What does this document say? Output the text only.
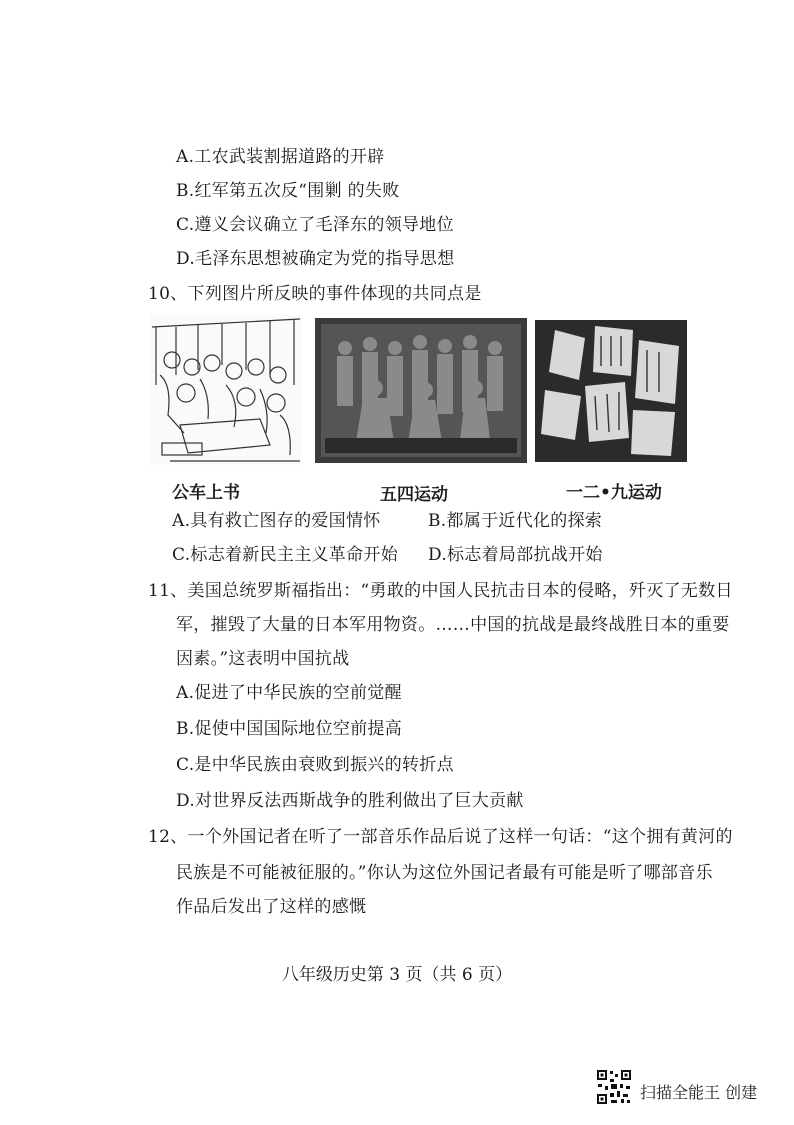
A.工农武装割据道路的开辟
B.红军第五次反“围剿 的失败
C.遵义会议确立了毛泽东的领导地位
D.毛泽东思想被确定为党的指导思想
10、下列图片所反映的事件体现的共同点是
公车上书	五四运动	一二•九运动
A.具有救亡图存的爱国情怀	B.都属于近代化的探索
C.标志着新民主主义革命开始 D.标志着局部抗战开始
11、美国总统罗斯福指出：“勇敢的中国人民抗击日本的侵略，歼灭了无数日
军，摧毁了大量的日本军用物资。……中国的抗战是最终战胜日本的重要
因素。”这表明中国抗战
A.促进了中华民族的空前觉醒
B.促使中国国际地位空前提高
C.是中华民族由衰败到振兴的转折点
D.对世界反法西斯战争的胜利做出了巨大贡献
12、一个外国记者在听了一部音乐作品后说了这样一句话：“这个拥有黄河的
民族是不可能被征服的。”你认为这位外国记者最有可能是听了哪部音乐
作品后发出了这样的感慨
八年级历史第 3 页（共 6 页）
扫描全能王 创建
